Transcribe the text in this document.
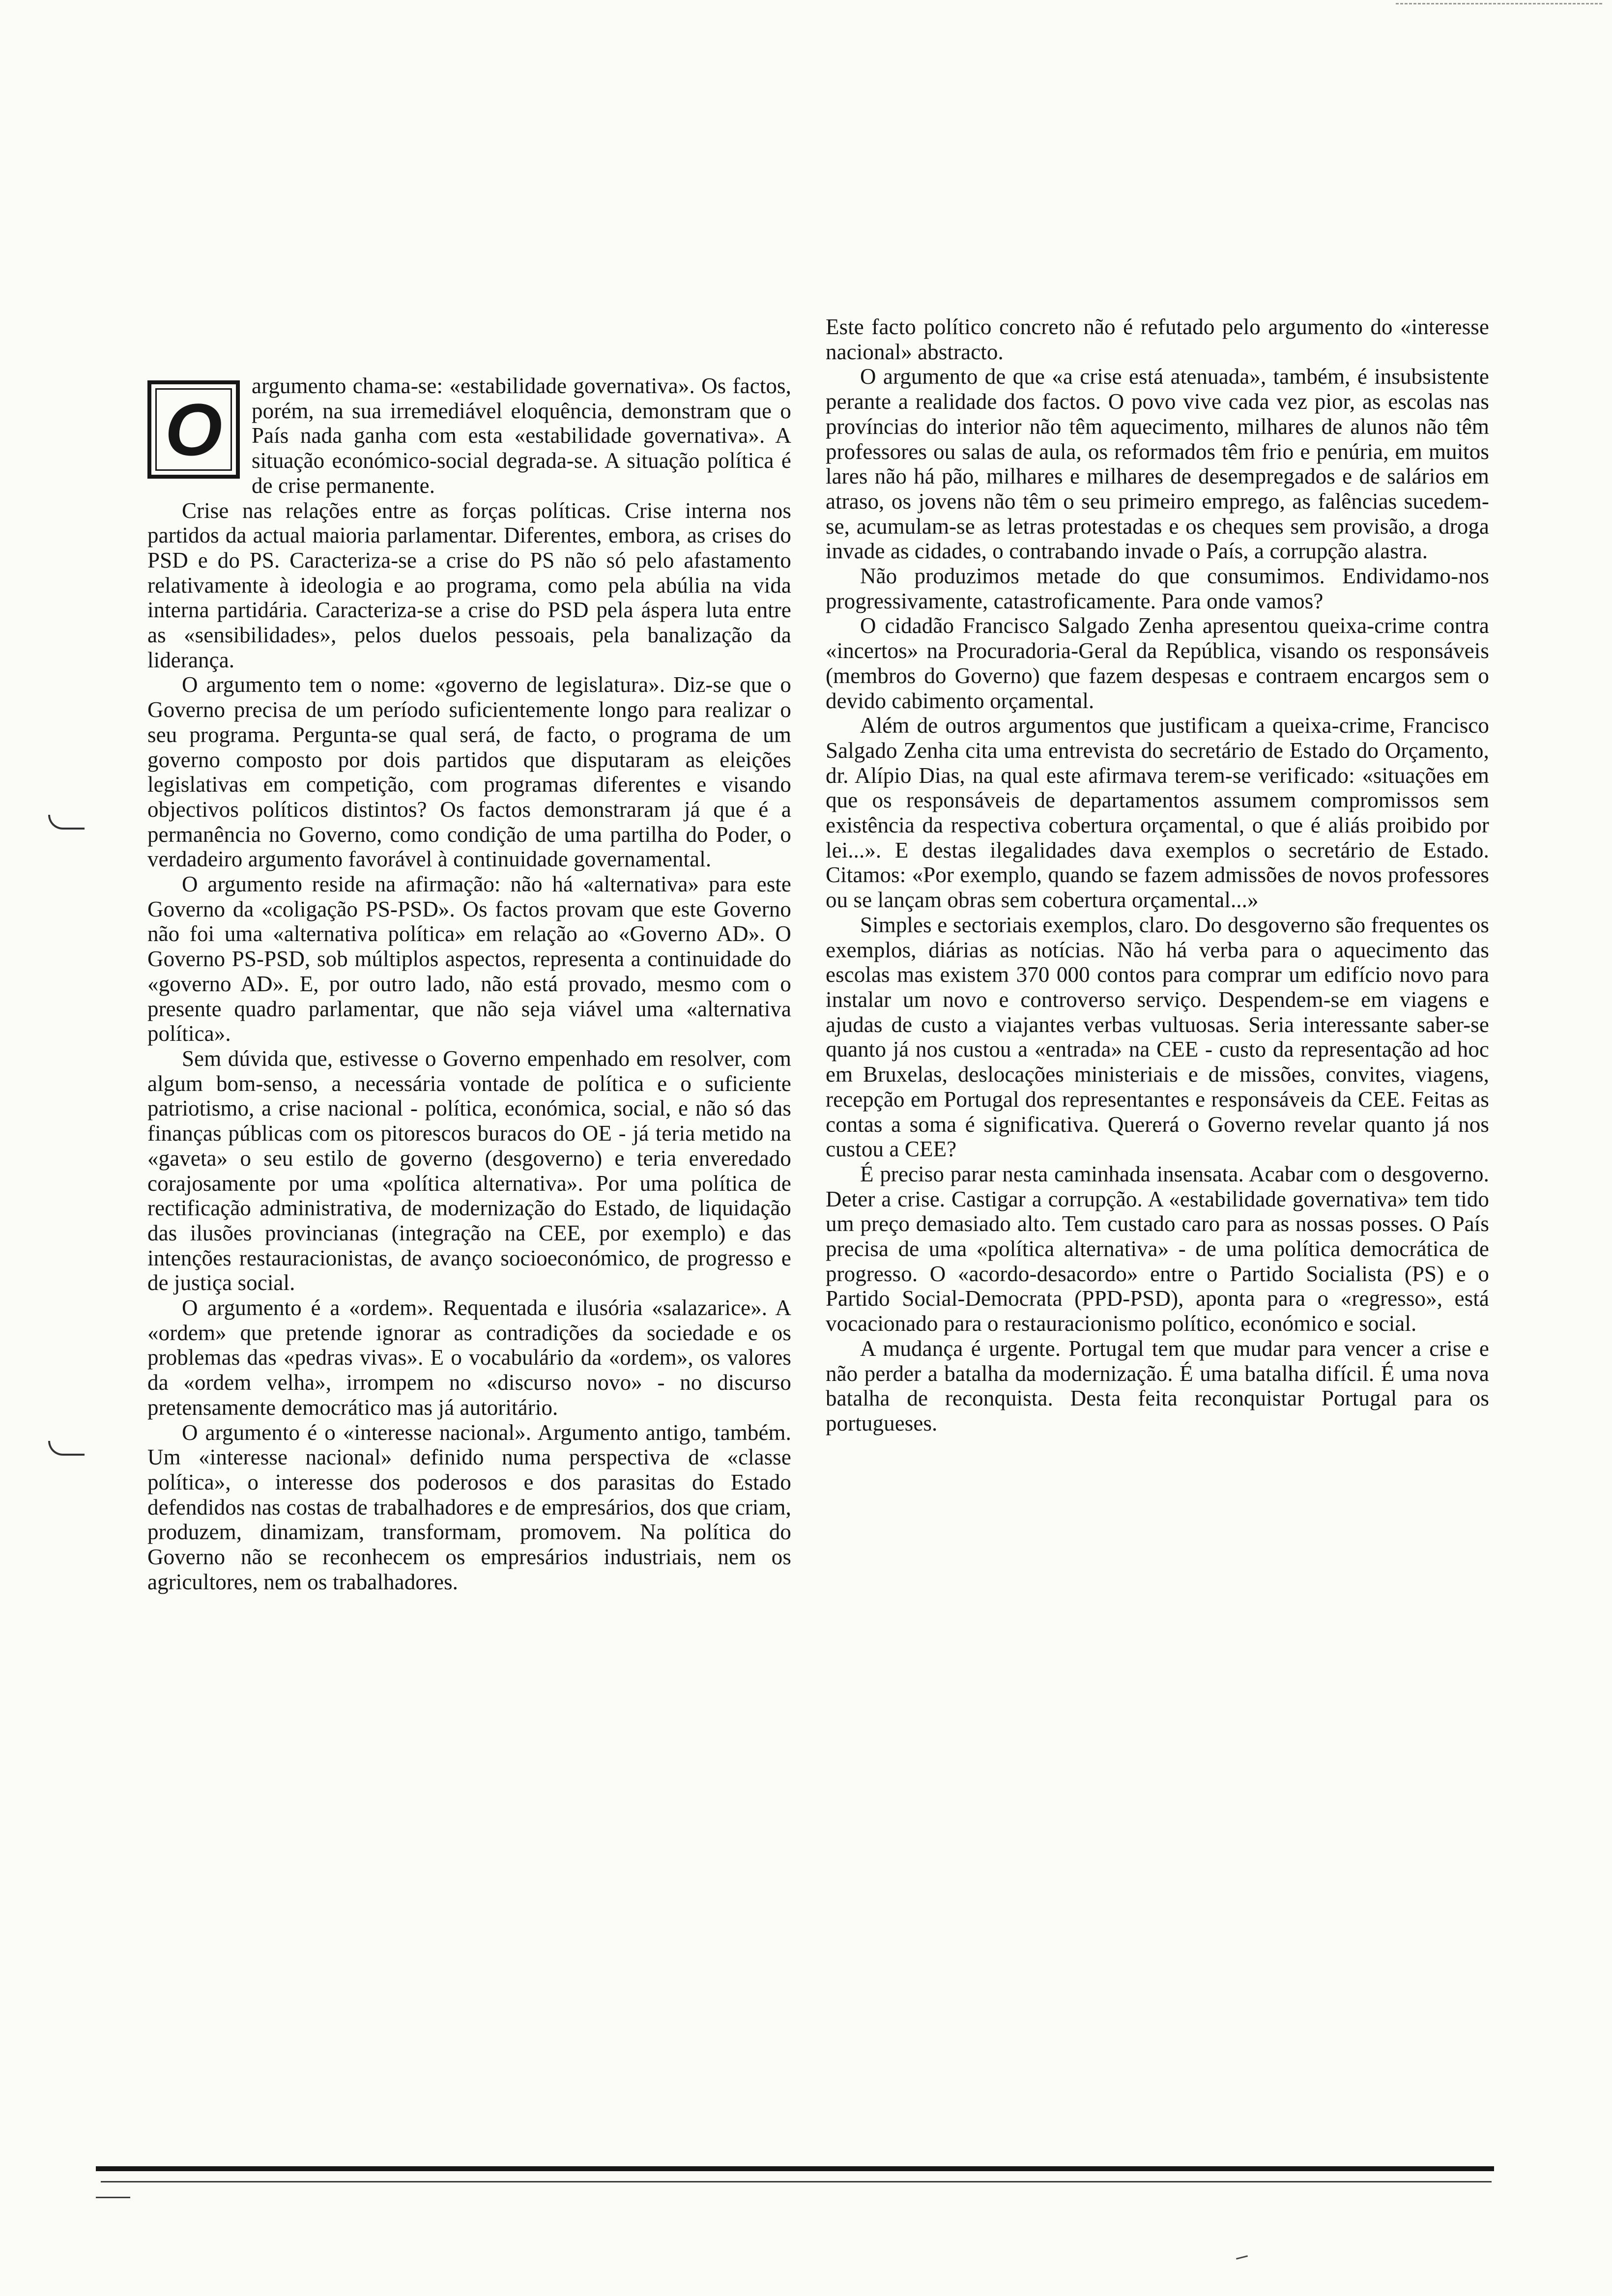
O

argumento chama-se: «estabilidade governativa». Os factos, porém, na sua irremediável eloquência, demonstram que o País nada ganha com esta «estabilidade governativa». A situação económico-social degrada-se. A situação política é de crise permanente.

Crise nas relações entre as forças políticas. Crise interna nos partidos da actual maioria parlamentar. Diferentes, embora, as crises do PSD e do PS. Caracteriza-se a crise do PS não só pelo afastamento relativamente à ideologia e ao programa, como pela abúlia na vida interna partidária. Caracteriza-se a crise do PSD pela áspera luta entre as «sensibilidades», pelos duelos pessoais, pela banalização da liderança.

O argumento tem o nome: «governo de legislatura». Diz-se que o Governo precisa de um período suficientemente longo para realizar o seu programa. Pergunta-se qual será, de facto, o programa de um governo composto por dois partidos que disputaram as eleições legislativas em competição, com programas diferentes e visando objectivos políticos distintos? Os factos demonstraram já que é a permanência no Governo, como condição de uma partilha do Poder, o verdadeiro argumento favorável à continuidade governamental.

O argumento reside na afirmação: não há «alternativa» para este Governo da «coligação PS-PSD». Os factos provam que este Governo não foi uma «alternativa política» em relação ao «Governo AD». O Governo PS-PSD, sob múltiplos aspectos, representa a continuidade do «governo AD». E, por outro lado, não está provado, mesmo com o presente quadro parlamentar, que não seja viável uma «alternativa política».

Sem dúvida que, estivesse o Governo empenhado em resolver, com algum bom-senso, a necessária vontade de política e o suficiente patriotismo, a crise nacional - política, económica, social, e não só das finanças públicas com os pitorescos buracos do OE - já teria metido na «gaveta» o seu estilo de governo (desgoverno) e teria enveredado corajosamente por uma «política alternativa». Por uma política de rectificação administrativa, de modernização do Estado, de liquidação das ilusões provincianas (integração na CEE, por exemplo) e das intenções restauracionistas, de avanço socioeconómico, de progresso e de justiça social.

O argumento é a «ordem». Requentada e ilusória «salazarice». A «ordem» que pretende ignorar as contradições da sociedade e os problemas das «pedras vivas». E o vocabulário da «ordem», os valores da «ordem velha», irrompem no «discurso novo» - no discurso pretensamente democrático mas já autoritário.

O argumento é o «interesse nacional». Argumento antigo, também. Um «interesse nacional» definido numa perspectiva de «classe política», o interesse dos poderosos e dos parasitas do Estado defendidos nas costas de trabalhadores e de empresários, dos que criam, produzem, dinamizam, transformam, promovem. Na política do Governo não se reconhecem os empresários industriais, nem os agricultores, nem os trabalhadores.

Este facto político concreto não é refutado pelo argumento do «interesse nacional» abstracto.

O argumento de que «a crise está atenuada», também, é insubsistente perante a realidade dos factos. O povo vive cada vez pior, as escolas nas províncias do interior não têm aquecimento, milhares de alunos não têm professores ou salas de aula, os reformados têm frio e penúria, em muitos lares não há pão, milhares e milhares de desempregados e de salários em atraso, os jovens não têm o seu primeiro emprego, as falências sucedem-se, acumulam-se as letras protestadas e os cheques sem provisão, a droga invade as cidades, o contrabando invade o País, a corrupção alastra.

Não produzimos metade do que consumimos. Endividamo-nos progressivamente, catastroficamente. Para onde vamos?

O cidadão Francisco Salgado Zenha apresentou queixa-crime contra «incertos» na Procuradoria-Geral da República, visando os responsáveis (membros do Governo) que fazem despesas e contraem encargos sem o devido cabimento orçamental.

Além de outros argumentos que justificam a queixa-crime, Francisco Salgado Zenha cita uma entrevista do secretário de Estado do Orçamento, dr. Alípio Dias, na qual este afirmava terem-se verificado: «situações em que os responsáveis de departamentos assumem compromissos sem existência da respectiva cobertura orçamental, o que é aliás proibido por lei...». E destas ilegalidades dava exemplos o secretário de Estado. Citamos: «Por exemplo, quando se fazem admissões de novos professores ou se lançam obras sem cobertura orçamental...»

Simples e sectoriais exemplos, claro. Do desgoverno são frequentes os exemplos, diárias as notícias. Não há verba para o aquecimento das escolas mas existem 370 000 contos para comprar um edifício novo para instalar um novo e controverso serviço. Despendem-se em viagens e ajudas de custo a viajantes verbas vultuosas. Seria interessante saber-se quanto já nos custou a «entrada» na CEE - custo da representação ad hoc em Bruxelas, deslocações ministeriais e de missões, convites, viagens, recepção em Portugal dos representantes e responsáveis da CEE. Feitas as contas a soma é significativa. Quererá o Governo revelar quanto já nos custou a CEE?

É preciso parar nesta caminhada insensata. Acabar com o desgoverno. Deter a crise. Castigar a corrupção. A «estabilidade governativa» tem tido um preço demasiado alto. Tem custado caro para as nossas posses. O País precisa de uma «política alternativa» - de uma política democrática de progresso. O «acordo-desacordo» entre o Partido Socialista (PS) e o Partido Social-Democrata (PPD-PSD), aponta para o «regresso», está vocacionado para o restauracionismo político, económico e social.

A mudança é urgente. Portugal tem que mudar para vencer a crise e não perder a batalha da modernização. É uma batalha difícil. É uma nova batalha de reconquista. Desta feita reconquistar Portugal para os portugueses.
